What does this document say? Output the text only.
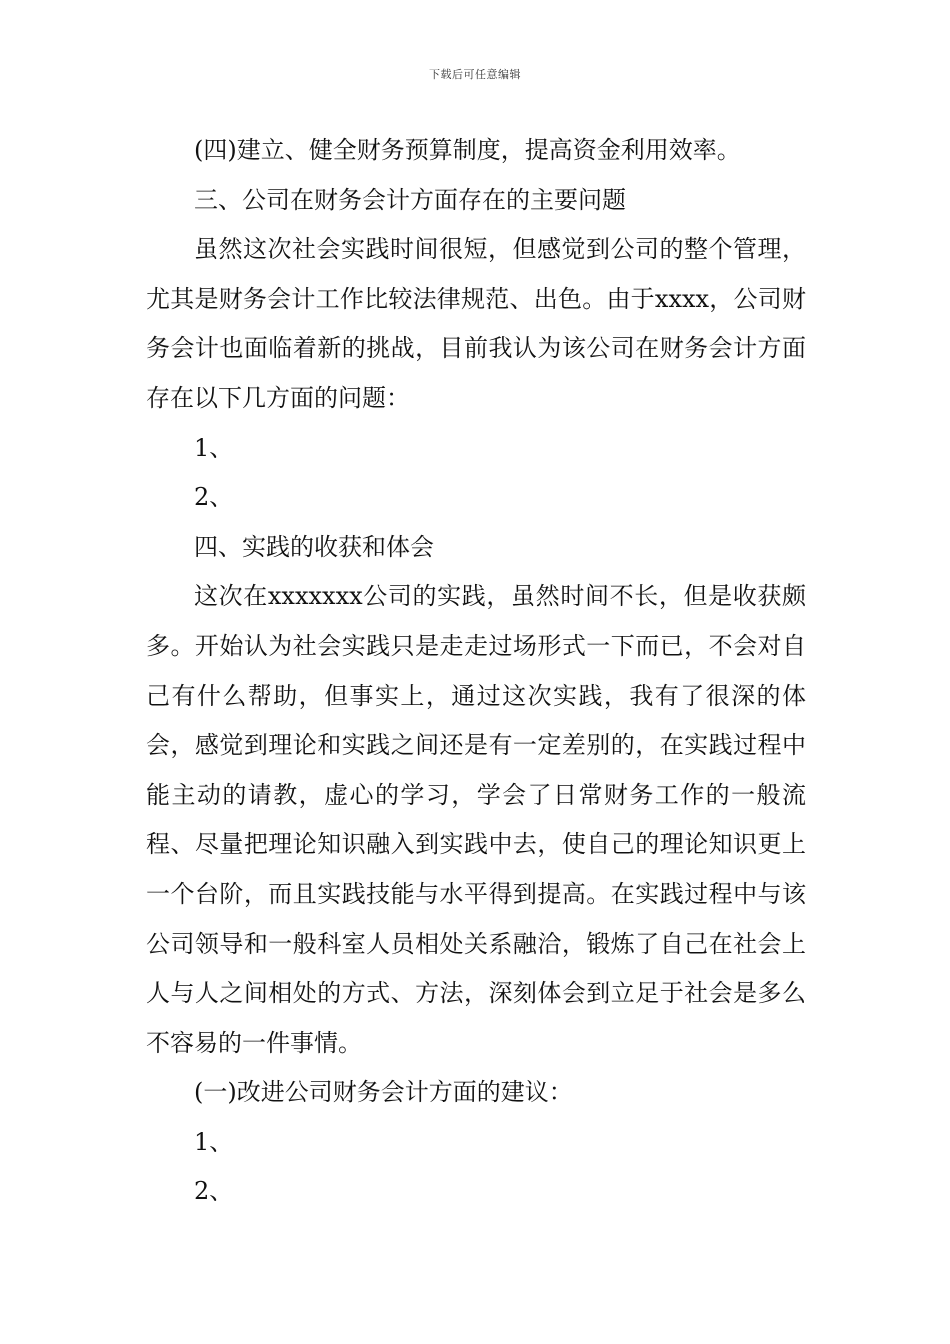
下载后可任意编辑

(四)建立、健全财务预算制度，提高资金利用效率。

三、公司在财务会计方面存在的主要问题

虽然这次社会实践时间很短，但感觉到公司的整个管理，尤其是财务会计工作比较法律规范、出色。由于xxxx，公司财务会计也面临着新的挑战，目前我认为该公司在财务会计方面存在以下几方面的问题：

1、

2、

四、实践的收获和体会

这次在xxxxxxx公司的实践，虽然时间不长，但是收获颇多。开始认为社会实践只是走走过场形式一下而已，不会对自己有什么帮助，但事实上，通过这次实践，我有了很深的体会，感觉到理论和实践之间还是有一定差别的，在实践过程中能主动的请教，虚心的学习，学会了日常财务工作的一般流程、尽量把理论知识融入到实践中去，使自己的理论知识更上一个台阶，而且实践技能与水平得到提高。在实践过程中与该公司领导和一般科室人员相处关系融洽，锻炼了自己在社会上人与人之间相处的方式、方法，深刻体会到立足于社会是多么不容易的一件事情。

(一)改进公司财务会计方面的建议：

1、

2、
